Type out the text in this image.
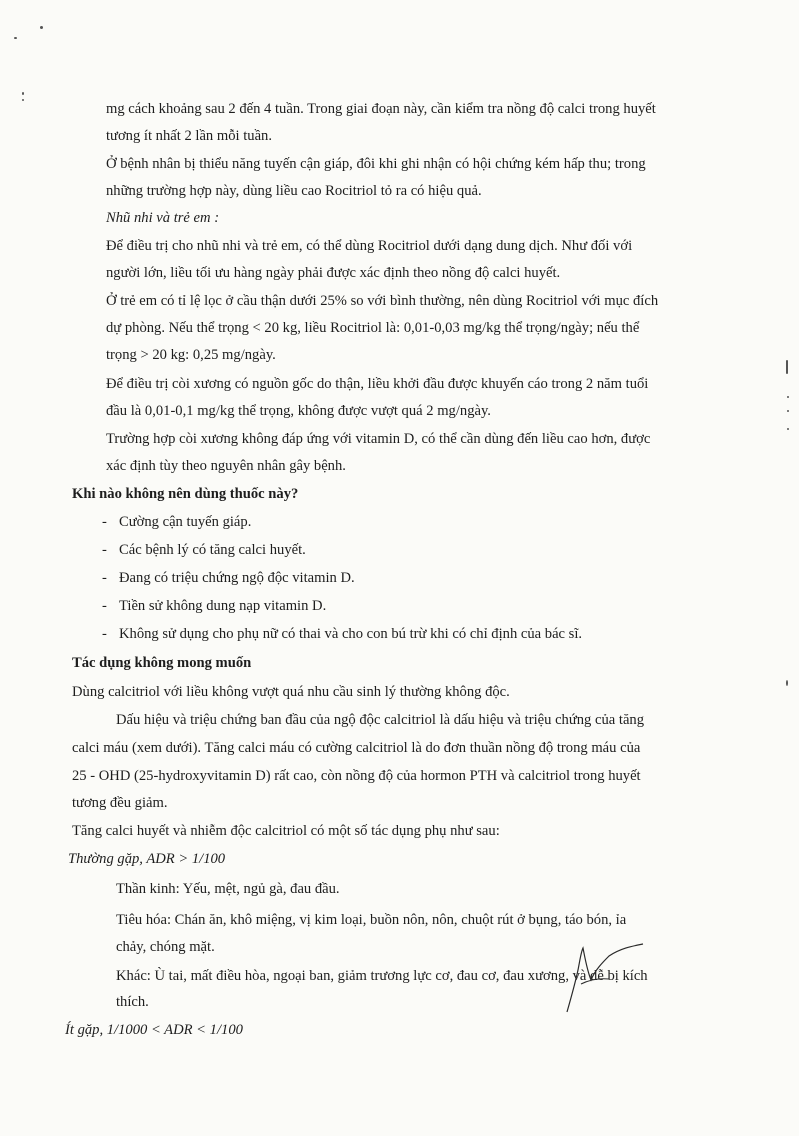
mg cách khoảng sau 2 đến 4 tuần. Trong giai đoạn này, cần kiểm tra nồng độ calci trong huyết

tương ít nhất 2 lần mỗi tuần.

Ở bệnh nhân bị thiểu năng tuyến cận giáp, đôi khi ghi nhận có hội chứng kém hấp thu; trong

những trường hợp này, dùng liều cao Rocitriol tỏ ra có hiệu quả.

Nhũ nhi và trẻ em :

Để điều trị cho nhũ nhi và trẻ em, có thể dùng Rocitriol dưới dạng dung dịch. Như đối với

người lớn, liều tối ưu hàng ngày phải được xác định theo nồng độ calci huyết.

Ở trẻ em có tỉ lệ lọc ở cầu thận dưới 25% so với bình thường, nên dùng Rocitriol với mục đích

dự phòng. Nếu thể trọng < 20 kg, liều Rocitriol là: 0,01-0,03 mg/kg thể trọng/ngày; nếu thể

trọng > 20 kg: 0,25 mg/ngày.

Để điều trị còi xương có nguồn gốc do thận, liều khởi đầu được khuyến cáo trong 2 năm tuổi

đầu là 0,01-0,1 mg/kg thể trọng, không được vượt quá 2 mg/ngày.

Trường hợp còi xương không đáp ứng với vitamin D, có thể cần dùng đến liều cao hơn, được

xác định tùy theo nguyên nhân gây bệnh.

Khi nào không nên dùng thuốc này?

- Cường cận tuyến giáp.

- Các bệnh lý có tăng calci huyết.

- Đang có triệu chứng ngộ độc vitamin D.

- Tiền sử không dung nạp vitamin D.

- Không sử dụng cho phụ nữ có thai và cho con bú trừ khi có chỉ định của bác sĩ.

Tác dụng không mong muốn

Dùng calcitriol với liều không vượt quá nhu cầu sinh lý thường không độc.

Dấu hiệu và triệu chứng ban đầu của ngộ độc calcitriol là dấu hiệu và triệu chứng của tăng

calci máu (xem dưới). Tăng calci máu có cường calcitriol là do đơn thuần nồng độ trong máu của

25 - OHD (25-hydroxyvitamin D) rất cao, còn nồng độ của hormon PTH và calcitriol trong huyết

tương đều giảm.

Tăng calci huyết và nhiễm độc calcitriol có một số tác dụng phụ như sau:

Thường gặp, ADR > 1/100

Thần kinh: Yếu, mệt, ngủ gà, đau đầu.

Tiêu hóa: Chán ăn, khô miệng, vị kim loại, buồn nôn, nôn, chuột rút ở bụng, táo bón, ỉa

chảy, chóng mặt.

Khác: Ù tai, mất điều hòa, ngoại ban, giảm trương lực cơ, đau cơ, đau xương, và dễ bị kích

thích.

Ít gặp, 1/1000 < ADR < 1/100
